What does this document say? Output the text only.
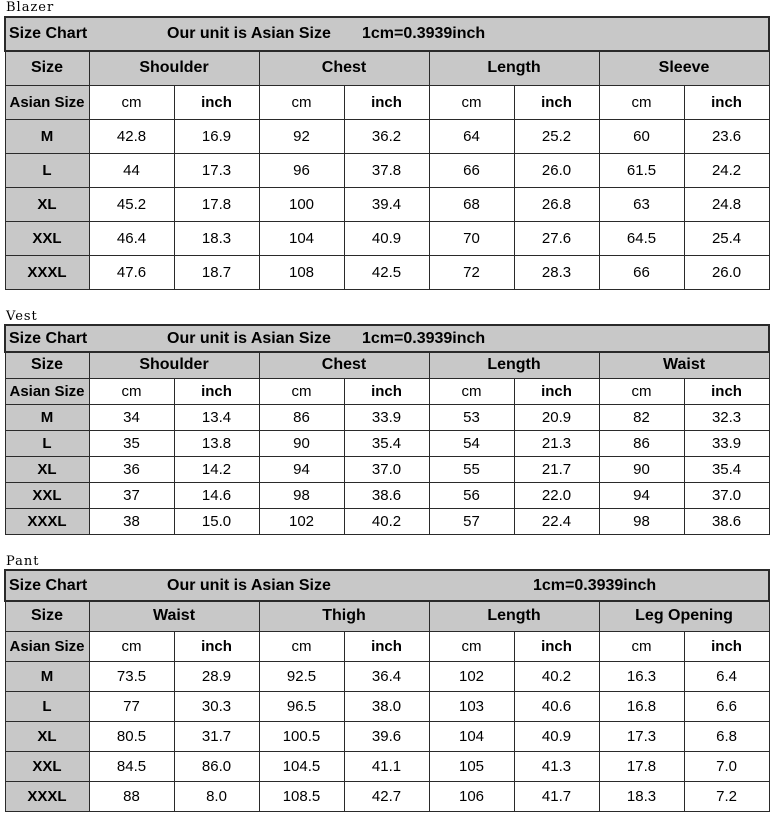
Blazer
Size Chart Our unit is Asian Size 1cm=0.3939inch								

Size	Shoulder		Chest		Length		Sleeve	
Asian Size	cm	inch	cm	inch	cm	inch	cm	inch
M	42.8	16.9	92	36.2	64	25.2	60	23.6
L	44	17.3	96	37.8	66	26.0	61.5	24.2
XL	45.2	17.8	100	39.4	68	26.8	63	24.8
XXL	46.4	18.3	104	40.9	70	27.6	64.5	25.4
XXXL	47.6	18.7	108	42.5	72	28.3	66	26.0
Vest
Size Chart Our unit is Asian Size 1cm=0.3939inch								

Size	Shoulder		Chest		Length		Waist	
Asian Size	cm	inch	cm	inch	cm	inch	cm	inch
M	34	13.4	86	33.9	53	20.9	82	32.3
L	35	13.8	90	35.4	54	21.3	86	33.9
XL	36	14.2	94	37.0	55	21.7	90	35.4
XXL	37	14.6	98	38.6	56	22.0	94	37.0
XXXL	38	15.0	102	40.2	57	22.4	98	38.6
Pant
Size Chart Our unit is Asian Size 1cm=0.3939inch								

Size	Waist		Thigh		Length		Leg Opening	
Asian Size	cm	inch	cm	inch	cm	inch	cm	inch
M	73.5	28.9	92.5	36.4	102	40.2	16.3	6.4
L	77	30.3	96.5	38.0	103	40.6	16.8	6.6
XL	80.5	31.7	100.5	39.6	104	40.9	17.3	6.8
XXL	84.5	86.0	104.5	41.1	105	41.3	17.8	7.0
XXXL	88	8.0	108.5	42.7	106	41.7	18.3	7.2
